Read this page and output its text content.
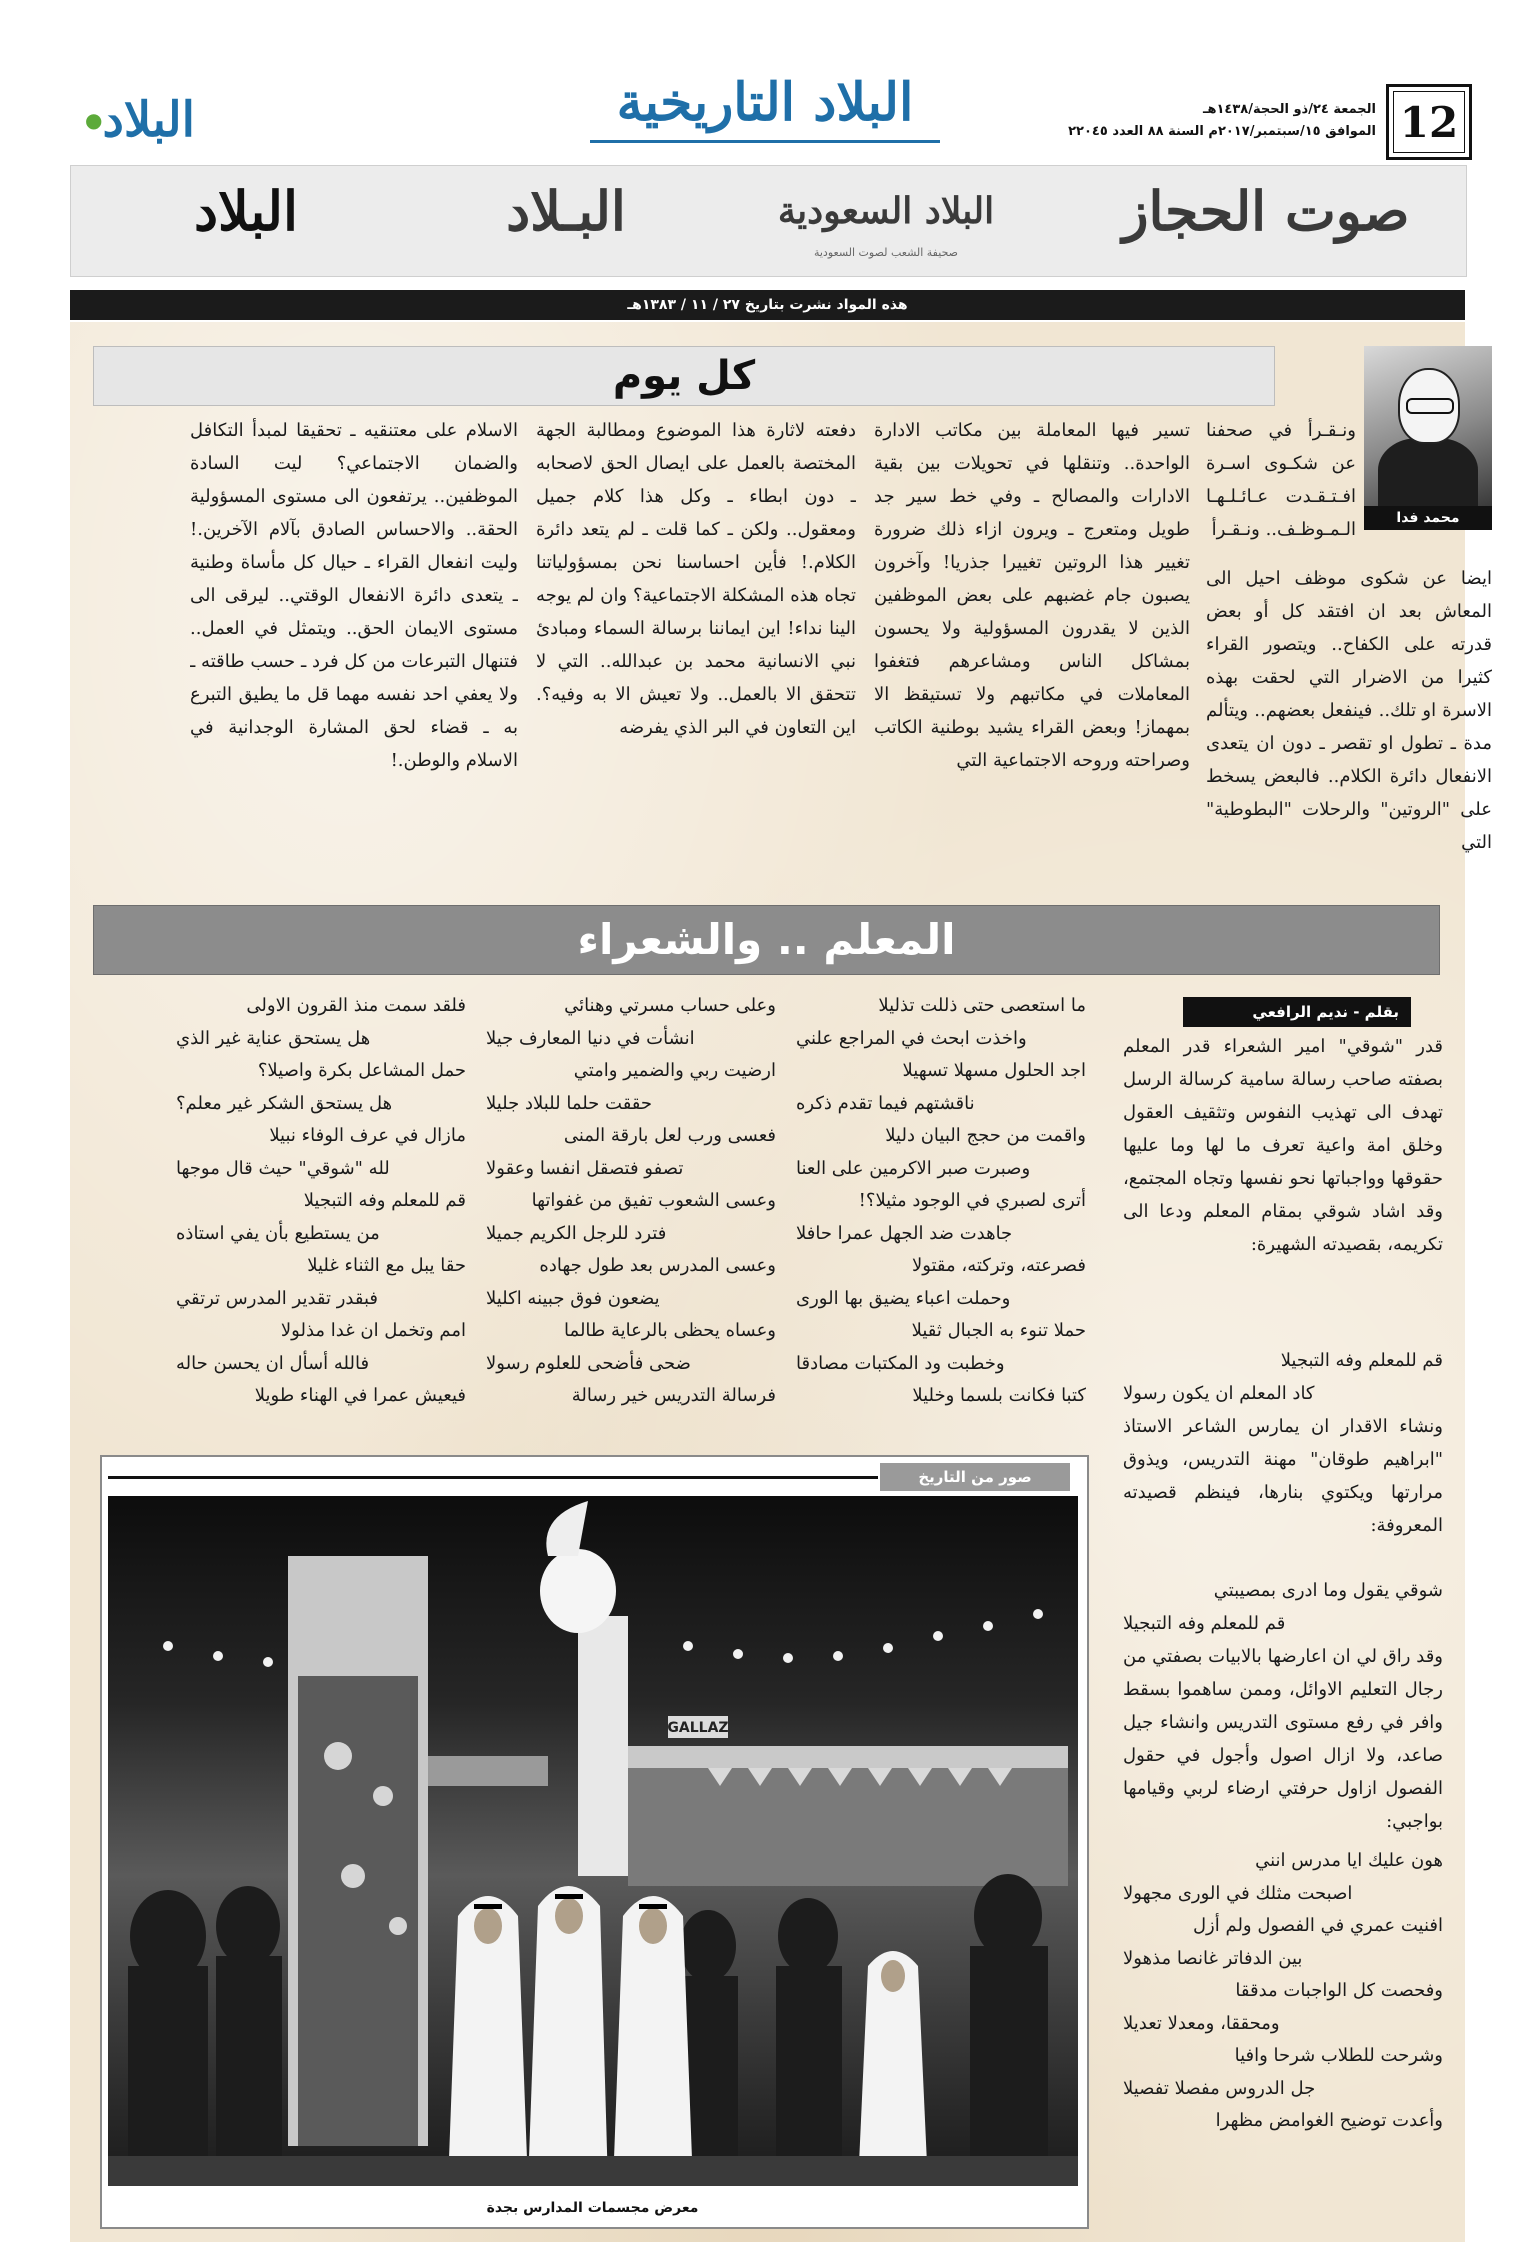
12
الجمعة ٢٤/ذو الحجة/١٤٣٨هـ
الموافق ١٥/سبتمبر/٢٠١٧م السنة ٨٨ العدد ٢٢٠٤٥
البلاد التاريخية
البلاد●
صوت الحجاز
البلاد السعودية
صحيفة الشعب لصوت السعودية
البـلاد
البلاد
هذه المواد نشرت بتاريخ ٢٧ / ١١ / ١٣٨٣هـ
كل يوم
محمد فدا
ونـقـرأ في صحفنا عن شكـوى اسـرة افـتـقـدت عـائـلـهـا الـمـوظـف.. ونـقـرأ
ايضا عن شكوى موظف احيل الى المعاش بعد ان افتقد كل أو بعض قدرته على الكفاح.. ويتصور القراء كثيرا من الاضرار التي لحقت بهذه الاسرة او تلك.. فينفعل بعضهم.. ويتألم مدة ـ تطول او تقصر ـ دون ان يتعدى الانفعال دائرة الكلام.. فالبعض يسخط على "الروتين" والرحلات "البطوطية" التي
تسير فيها المعاملة بين مكاتب الادارة الواحدة.. وتنقلها في تحويلات بين بقية الادارات والمصالح ـ وفي خط سير جد طويل ومتعرج ـ ويرون ازاء ذلك ضرورة تغيير هذا الروتين تغييرا جذريا! وآخرون يصبون جام غضبهم على بعض الموظفين الذين لا يقدرون المسؤولية ولا يحسون بمشاكل الناس ومشاعرهم فتغفوا المعاملات في مكاتبهم ولا تستيقظ الا بمهماز! وبعض القراء يشيد بوطنية الكاتب وصراحته وروحه الاجتماعية التي
دفعته لاثارة هذا الموضوع ومطالبة الجهة المختصة بالعمل على ايصال الحق لاصحابه ـ دون ابطاء ـ وكل هذا كلام جميل ومعقول.. ولكن ـ كما قلت ـ لم يتعد دائرة الكلام.! فأين احساسنا نحن بمسؤولياتنا تجاه هذه المشكلة الاجتماعية؟ وان لم يوجه الينا نداء! اين ايماننا برسالة السماء ومبادئ نبي الانسانية محمد بن عبدالله.. التي لا تتحقق الا بالعمل.. ولا تعيش الا به وفيه؟. اين التعاون في البر الذي يفرضه
الاسلام على معتنقيه ـ تحقيقا لمبدأ التكافل والضمان الاجتماعي؟ ليت السادة الموظفين.. يرتفعون الى مستوى المسؤولية الحقة.. والاحساس الصادق بآلام الآخرين.! وليت انفعال القراء ـ حيال كل مأساة وطنية ـ يتعدى دائرة الانفعال الوقتي.. ليرقى الى مستوى الايمان الحق.. ويتمثل في العمل.. فتنهال التبرعات من كل فرد ـ حسب طاقته ـ ولا يعفي احد نفسه مهما قل ما يطيق التبرع به ـ قضاء لحق المشارة الوجدانية في الاسلام والوطن.!
المعلم .. والشعراء
بقلم - نديم الرافعي
قدر "شوقي" امير الشعراء قدر المعلم بصفته صاحب رسالة سامية كرسالة الرسل تهدف الى تهذيب النفوس وتثقيف العقول وخلق امة واعية تعرف ما لها وما عليها حقوقها وواجباتها نحو نفسها وتجاه المجتمع، وقد اشاد شوقي بمقام المعلم ودعا الى تكريمه، بقصيدته الشهيرة:
قم للمعلم وفه التبجيلا
كاد المعلم ان يكون رسولا
ونشاء الاقدار ان يمارس الشاعر الاستاذ "ابراهيم طوقان" مهنة التدريس، ويذوق مرارتها ويكتوي بنارها، فينظم قصيدته المعروفة:
شوقي يقول وما ادرى بمصيبتي
قم للمعلم وفه التبجيلا
وقد راق لي ان اعارضها بالابيات بصفتي من رجال التعليم الاوائل، وممن ساهموا بسقط وافر في رفع مستوى التدريس وانشاء جيل صاعد، ولا ازال اصول وأجول في حقول الفصول ازاول حرفتي ارضاء لربي وقيامها بواجبي:
هون عليك ايا مدرس انني
اصبحت مثلك في الورى مجهولا
افنيت عمري في الفصول ولم أزل
بين الدفاتر غانصا مذهولا
وفحصت كل الواجبات مدققا
ومحققا، ومعدلا تعديلا
وشرحت للطلاب شرحا وافيا
جل الدروس مفصلا تفصيلا
وأعدت توضيح الغوامض مظهرا
ما استعصى حتى ذللت تذليلا
واخذت ابحث في المراجع علني
اجد الحلول مسهلا تسهيلا
ناقشتهم فيما تقدم ذكره
واقمت من حجج البيان دليلا
وصبرت صبر الاكرمين على العنا
أترى لصبري في الوجود مثيلا؟!
جاهدت ضد الجهل عمرا حافلا
فصرعته، وتركته، مقتولا
وحملت اعباء يضيق بها الورى
حملا تنوء به الجبال ثقيلا
وخطبت ود المكتبات مصادقا
كتبا فكانت بلسما وخليلا
وعلى حساب مسرتي وهنائي
انشأت في دنيا المعارف جيلا
ارضيت ربي والضمير وامتي
حققت حلما للبلاد جليلا
فعسى ورب لعل بارقة المنى
تصفو فتصقل انفسا وعقولا
وعسى الشعوب تفيق من غفواتها
فترد للرجل الكريم جميلا
وعسى المدرس بعد طول جهاده
يضعون فوق جبينه اكليلا
وعساه يحظى بالرعاية طالما
ضحى فأضحى للعلوم رسولا
فرسالة التدريس خير رسالة
فلقد سمت منذ القرون الاولى
هل يستحق عناية غير الذي
حمل المشاعل بكرة واصيلا؟
هل يستحق الشكر غير معلم؟
مازال في عرف الوفاء نبيلا
لله "شوقي" حيث قال موجها
قم للمعلم وفه التبجيلا
من يستطيع بأن يفي استاذه
حقا يبل مع الثناء غليلا
فبقدر تقدير المدرس ترتقي
امم وتخمل ان غدا مذلولا
فالله أسأل ان يحسن حاله
فيعيش عمرا في الهناء طويلا
صور من التاريخ
GALLAZ
معرض مجسمات المدارس بجدة
